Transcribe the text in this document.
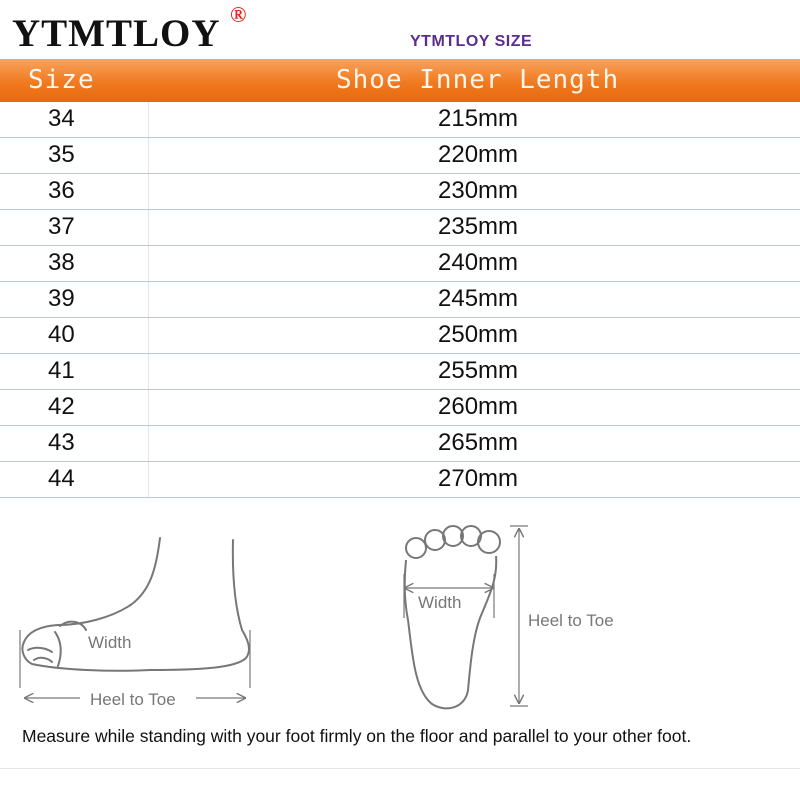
YTMTLOY ®
YTMTLOY SIZE
Size	Shoe Inner Length
34	215mm
35	220mm
36	230mm
37	235mm
38	240mm
39	245mm
40	250mm
41	255mm
42	260mm
43	265mm
44	270mm
Width
Heel to Toe
Width
Heel to Toe
Measure while standing with your foot firmly on the floor and parallel to your other foot.
